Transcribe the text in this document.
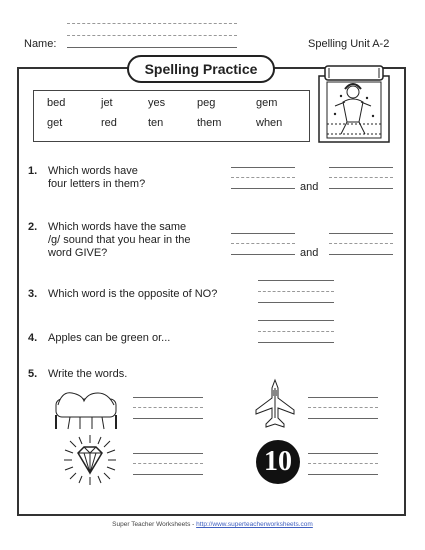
Name:	Spelling Unit A-2
Spelling Practice
bed	jet	yes	peg	gem
get	red	ten	them	when
1. Which words have
four letters in them?	and
2. Which words have the same
/g/ sound that you hear in the
word GIVE?	and
3. Which word is the opposite of NO?
4. Apples can be green or...
5. Write the words.
10
Super Teacher Worksheets - http://www.superteacherworksheets.com
